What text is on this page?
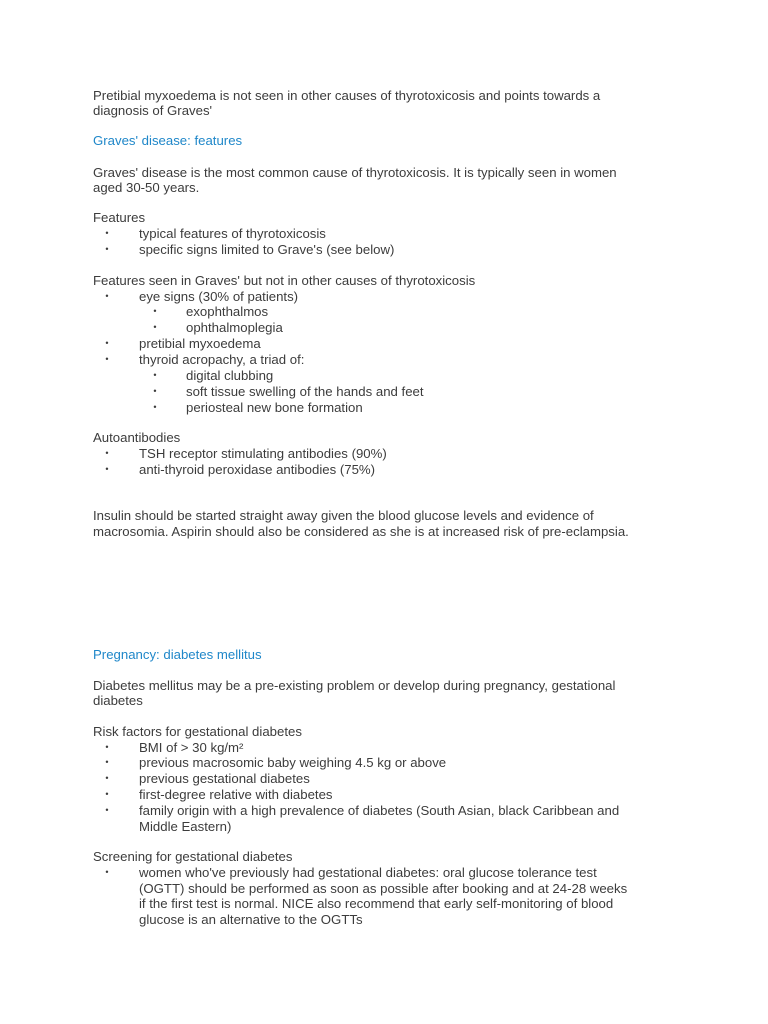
Pretibial myxoedema is not seen in other causes of thyrotoxicosis and points towards a
diagnosis of Graves'
Graves' disease: features
Graves' disease is the most common cause of thyrotoxicosis. It is typically seen in women
aged 30-50 years.
Features
• typical features of thyrotoxicosis
• specific signs limited to Grave's (see below)
Features seen in Graves' but not in other causes of thyrotoxicosis
• eye signs (30% of patients)
• exophthalmos
• ophthalmoplegia
• pretibial myxoedema
• thyroid acropachy, a triad of:
• digital clubbing
• soft tissue swelling of the hands and feet
• periosteal new bone formation
Autoantibodies
• TSH receptor stimulating antibodies (90%)
• anti-thyroid peroxidase antibodies (75%)
Insulin should be started straight away given the blood glucose levels and evidence of
macrosomia. Aspirin should also be considered as she is at increased risk of pre-eclampsia.
Pregnancy: diabetes mellitus
Diabetes mellitus may be a pre-existing problem or develop during pregnancy, gestational
diabetes
Risk factors for gestational diabetes
• BMI of > 30 kg/m²
• previous macrosomic baby weighing 4.5 kg or above
• previous gestational diabetes
• first-degree relative with diabetes
• family origin with a high prevalence of diabetes (South Asian, black Caribbean and
Middle Eastern)
Screening for gestational diabetes
• women who've previously had gestational diabetes: oral glucose tolerance test
(OGTT) should be performed as soon as possible after booking and at 24-28 weeks
if the first test is normal. NICE also recommend that early self-monitoring of blood
glucose is an alternative to the OGTTs
